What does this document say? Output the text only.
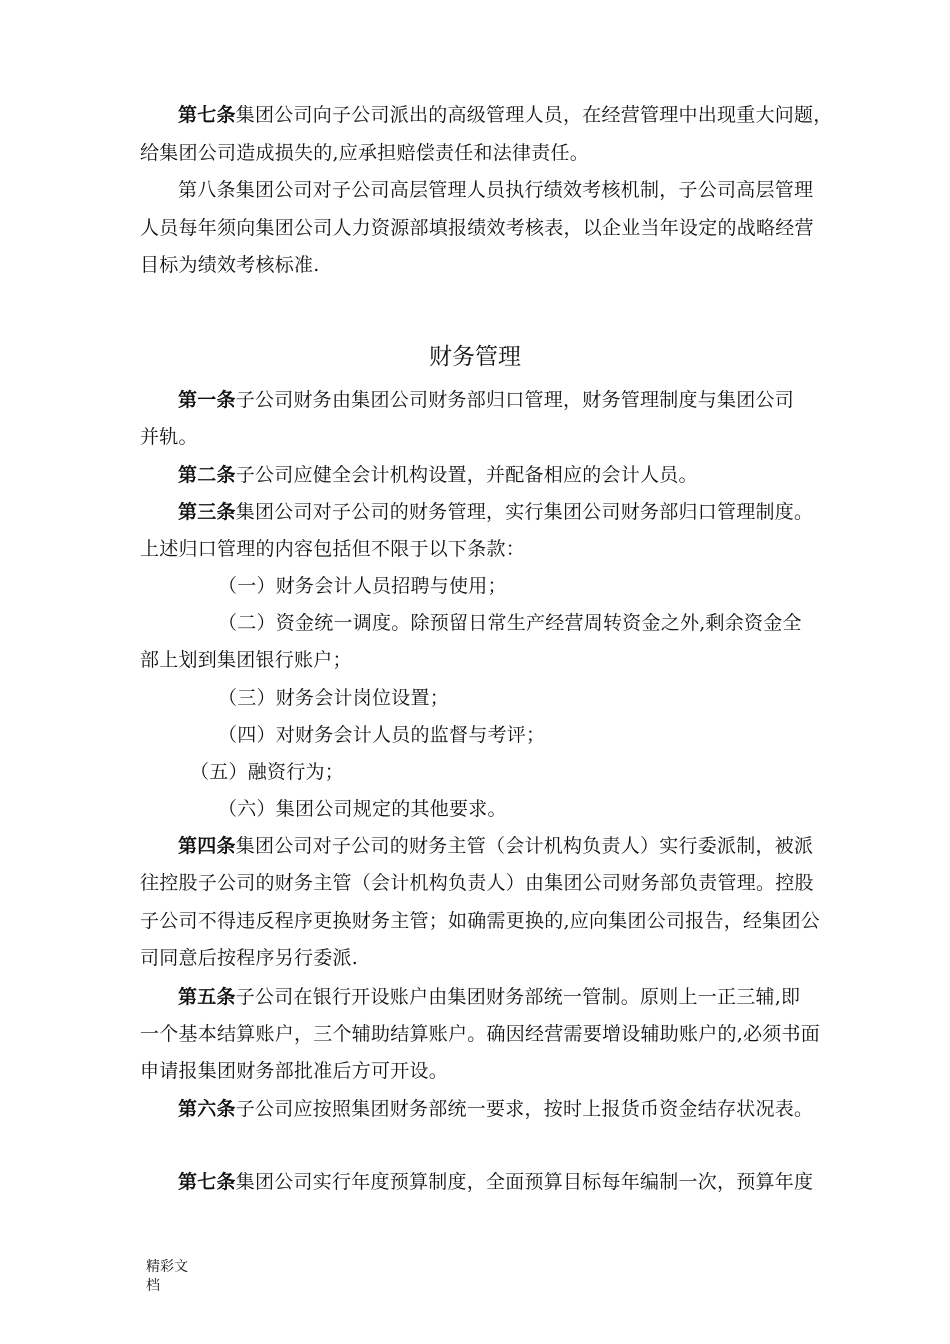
第七条集团公司向子公司派出的高级管理人员，在经营管理中出现重大问题，
给集团公司造成损失的,应承担赔偿责任和法律责任。
第八条集团公司对子公司高层管理人员执行绩效考核机制，子公司高层管理
人员每年须向集团公司人力资源部填报绩效考核表，以企业当年设定的战略经营
目标为绩效考核标准.
财务管理
第一条子公司财务由集团公司财务部归口管理，财务管理制度与集团公司
并轨。
第二条子公司应健全会计机构设置，并配备相应的会计人员。
第三条集团公司对子公司的财务管理，实行集团公司财务部归口管理制度。
上述归口管理的内容包括但不限于以下条款：
（一）财务会计人员招聘与使用；
（二）资金统一调度。除预留日常生产经营周转资金之外,剩余资金全
部上划到集团银行账户；
（三）财务会计岗位设置；
（四）对财务会计人员的监督与考评；
（五）融资行为；
（六）集团公司规定的其他要求。
第四条集团公司对子公司的财务主管（会计机构负责人）实行委派制，被派
往控股子公司的财务主管（会计机构负责人）由集团公司财务部负责管理。控股
子公司不得违反程序更换财务主管；如确需更换的,应向集团公司报告，经集团公
司同意后按程序另行委派.
第五条子公司在银行开设账户由集团财务部统一管制。原则上一正三辅,即
一个基本结算账户，三个辅助结算账户。确因经营需要增设辅助账户的,必须书面
申请报集团财务部批准后方可开设。
第六条子公司应按照集团财务部统一要求，按时上报货币资金结存状况表。
第七条集团公司实行年度预算制度，全面预算目标每年编制一次，预算年度
精彩文
档
